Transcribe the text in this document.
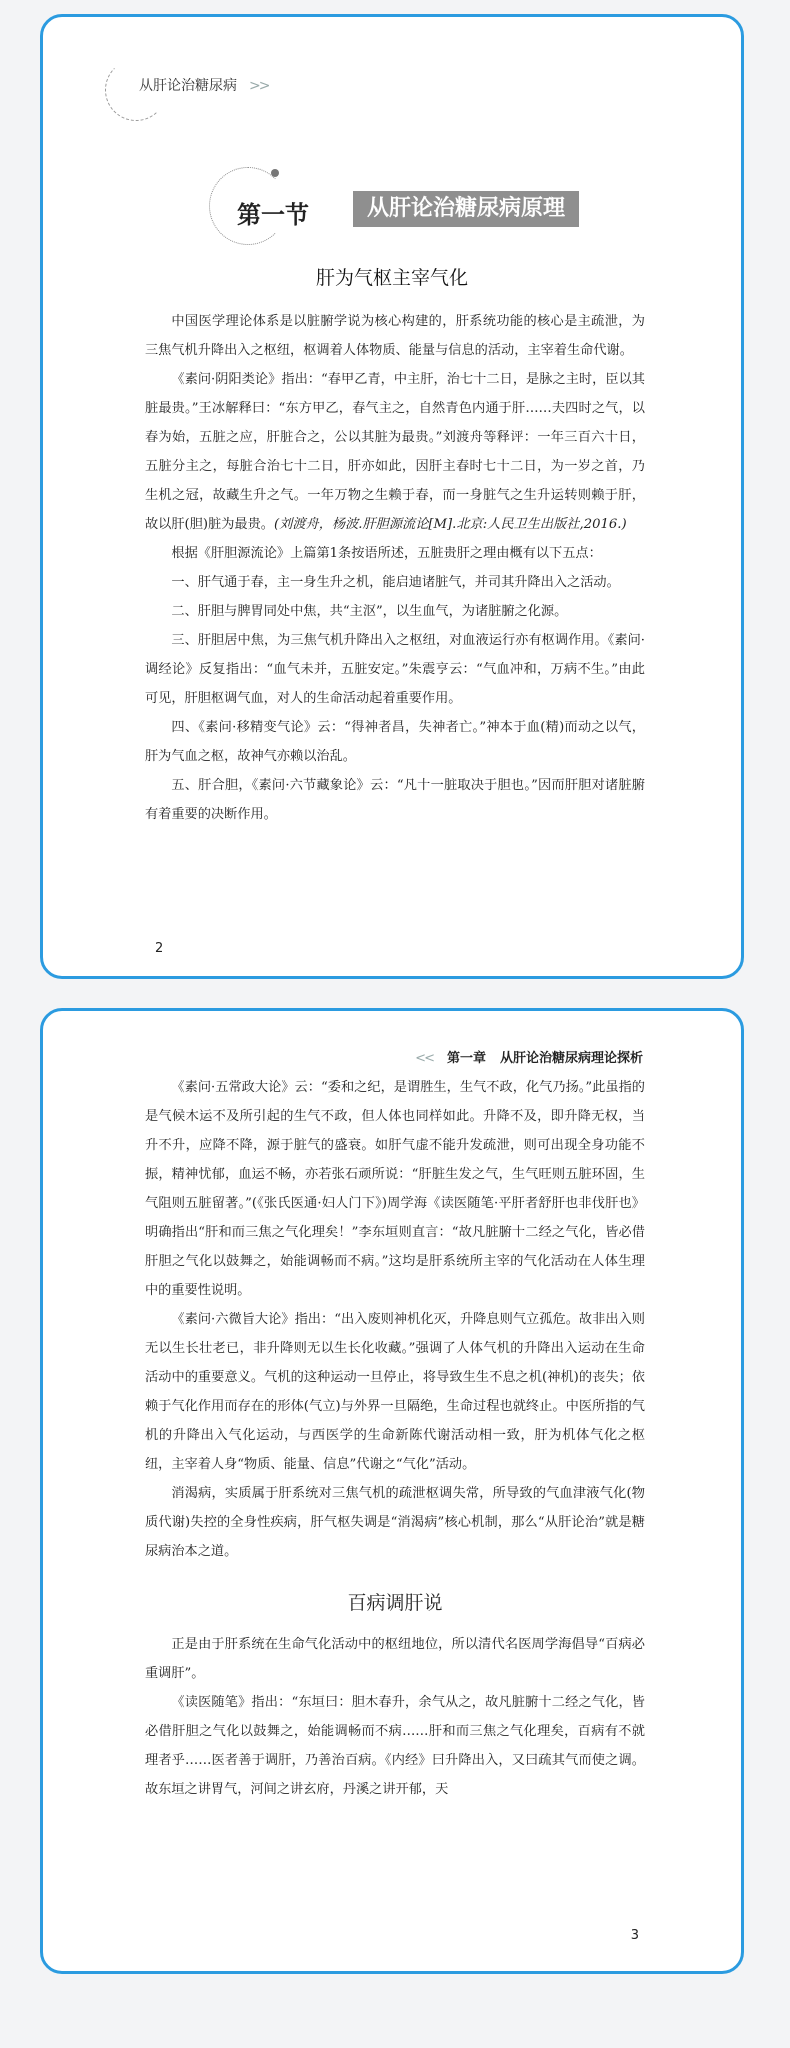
从肝论治糖尿病 >>
第一节	从肝论治糖尿病原理
肝为气枢主宰气化

中国医学理论体系是以脏腑学说为核心构建的，肝系统功能的核心是主疏泄，为三焦气机升降出入之枢纽，枢调着人体物质、能量与信息的活动，主宰着生命代谢。

《素问·阴阳类论》指出：“春甲乙青，中主肝，治七十二日，是脉之主时，臣以其脏最贵。”王冰解释曰：“东方甲乙，春气主之，自然青色内通于肝……夫四时之气，以春为始，五脏之应，肝脏合之，公以其脏为最贵。”刘渡舟等释评：一年三百六十日，五脏分主之，每脏合治七十二日，肝亦如此，因肝主春时七十二日，为一岁之首，乃生机之冠，故藏生升之气。一年万物之生赖于春，而一身脏气之生升运转则赖于肝，故以肝(胆)脏为最贵。(刘渡舟，杨波.肝胆源流论[M].北京:人民卫生出版社,2016.)

根据《肝胆源流论》上篇第1条按语所述，五脏贵肝之理由概有以下五点：

一、肝气通于春，主一身生升之机，能启迪诸脏气，并司其升降出入之活动。

二、肝胆与脾胃同处中焦，共“主沤”，以生血气，为诸脏腑之化源。

三、肝胆居中焦，为三焦气机升降出入之枢纽，对血液运行亦有枢调作用。《素问·调经论》反复指出：“血气未并，五脏安定。”朱震亨云：“气血冲和，万病不生。”由此可见，肝胆枢调气血，对人的生命活动起着重要作用。

四、《素问·移精变气论》云：“得神者昌，失神者亡。”神本于血(精)而动之以气，肝为气血之枢，故神气亦赖以治乱。

五、肝合胆，《素问·六节藏象论》云：“凡十一脏取决于胆也。”因而肝胆对诸脏腑有着重要的决断作用。

2
<< 第一章 从肝论治糖尿病理论探析

《素问·五常政大论》云：“委和之纪，是谓胜生，生气不政，化气乃扬。”此虽指的是气候木运不及所引起的生气不政，但人体也同样如此。升降不及，即升降无权，当升不升，应降不降，源于脏气的盛衰。如肝气虚不能升发疏泄，则可出现全身功能不振，精神忧郁，血运不畅，亦若张石顽所说：“肝脏生发之气，生气旺则五脏环固，生气阻则五脏留著。”(《张氏医通·妇人门下》)周学海《读医随笔·平肝者舒肝也非伐肝也》明确指出“肝和而三焦之气化理矣！”李东垣则直言：“故凡脏腑十二经之气化，皆必借肝胆之气化以鼓舞之，始能调畅而不病。”这均是肝系统所主宰的气化活动在人体生理中的重要性说明。

《素问·六微旨大论》指出：“出入废则神机化灭，升降息则气立孤危。故非出入则无以生长壮老已，非升降则无以生长化收藏。”强调了人体气机的升降出入运动在生命活动中的重要意义。气机的这种运动一旦停止，将导致生生不息之机(神机)的丧失；依赖于气化作用而存在的形体(气立)与外界一旦隔绝，生命过程也就终止。中医所指的气机的升降出入气化运动，与西医学的生命新陈代谢活动相一致，肝为机体气化之枢纽，主宰着人身“物质、能量、信息”代谢之“气化”活动。

消渴病，实质属于肝系统对三焦气机的疏泄枢调失常，所导致的气血津液气化(物质代谢)失控的全身性疾病，肝气枢失调是“消渴病”核心机制，那么“从肝论治”就是糖尿病治本之道。

百病调肝说

正是由于肝系统在生命气化活动中的枢纽地位，所以清代名医周学海倡导“百病必重调肝”。

《读医随笔》指出：“东垣曰：胆木春升，余气从之，故凡脏腑十二经之气化，皆必借肝胆之气化以鼓舞之，始能调畅而不病……肝和而三焦之气化理矣，百病有不就理者乎……医者善于调肝，乃善治百病。《内经》曰升降出入，又曰疏其气而使之调。故东垣之讲胃气，河间之讲玄府，丹溪之讲开郁，天

3
